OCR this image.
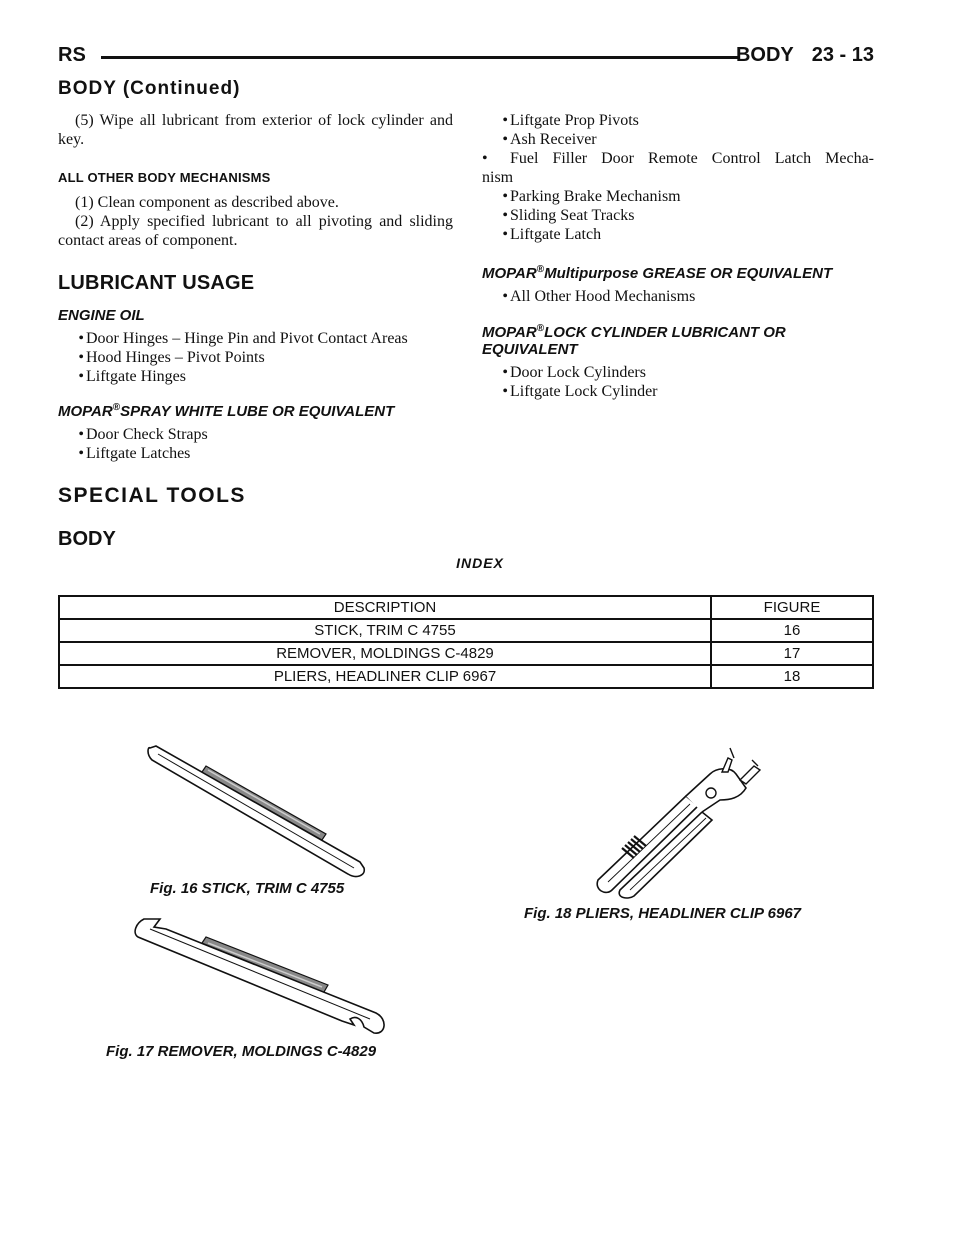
RS	BODY 23 - 13
BODY (Continued)

(5) Wipe all lubricant from exterior of lock cylinder and key.

ALL OTHER BODY MECHANISMS

(1) Clean component as described above.

(2) Apply specified lubricant to all pivoting and sliding contact areas of component.

LUBRICANT USAGE

ENGINE OIL

• Door Hinges – Hinge Pin and Pivot Contact Areas
• Hood Hinges – Pivot Points
• Liftgate Hinges

MOPAR®SPRAY WHITE LUBE OR EQUIVALENT

• Door Check Straps
• Liftgate Latches
• Liftgate Prop Pivots
• Ash Receiver
• Fuel Filler Door Remote Control Latch Mecha-
nism
• Parking Brake Mechanism
• Sliding Seat Tracks
• Liftgate Latch

MOPAR®Multipurpose GREASE OR EQUIVALENT

• All Other Hood Mechanisms

MOPAR®LOCK CYLINDER LUBRICANT OR
EQUIVALENT

• Door Lock Cylinders
• Liftgate Lock Cylinder
SPECIAL TOOLS
BODY
INDEX
DESCRIPTION	FIGURE
STICK, TRIM C 4755	16
REMOVER, MOLDINGS C-4829	17
PLIERS, HEADLINER CLIP 6967	18
Fig. 16 STICK, TRIM C 4755
Fig. 17 REMOVER, MOLDINGS C-4829
Fig. 18 PLIERS, HEADLINER CLIP 6967
